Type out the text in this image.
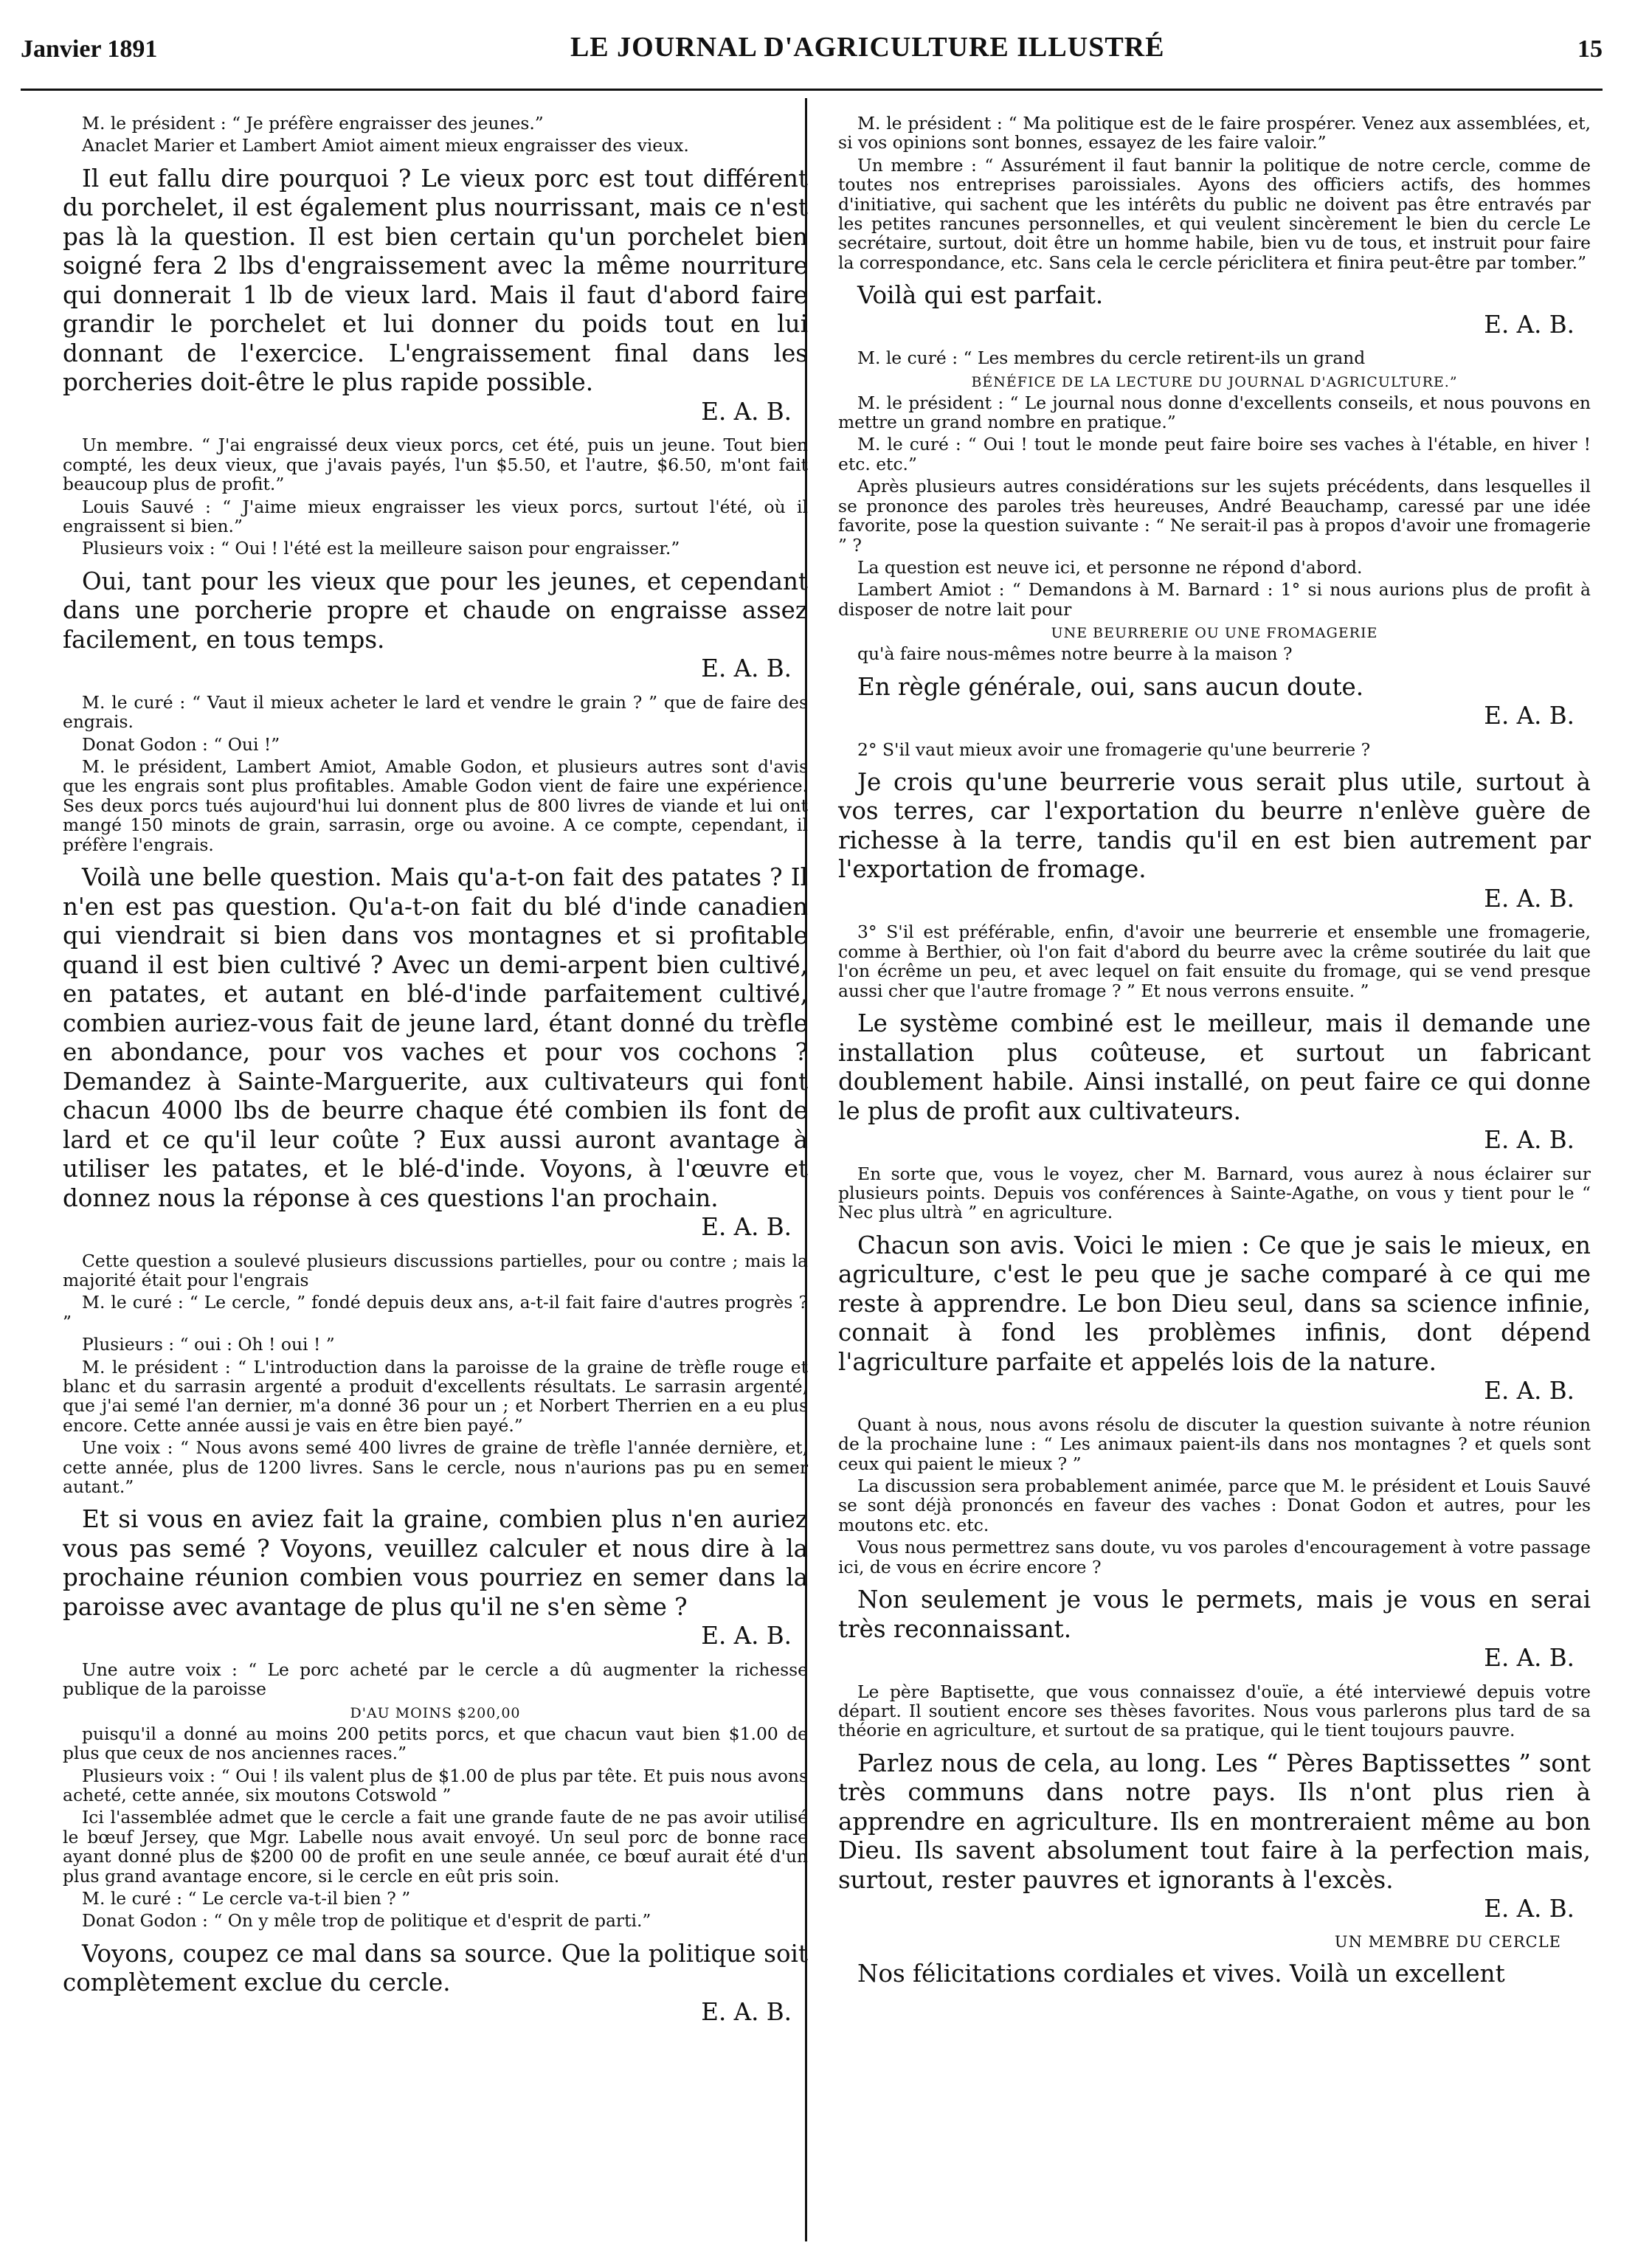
Janvier 1891	LE JOURNAL D'AGRICULTURE ILLUSTRÉ	15

M. le président : “ Je préfère engraisser des jeunes.”

Anaclet Marier et Lambert Amiot aiment mieux engraisser des vieux.

Il eut fallu dire pourquoi ? Le vieux porc est tout différent du porchelet, il est également plus nourrissant, mais ce n'est pas là la question. Il est bien certain qu'un porchelet bien soigné fera 2 lbs d'engraissement avec la même nourriture qui donnerait 1 lb de vieux lard. Mais il faut d'abord faire grandir le porchelet et lui donner du poids tout en lui donnant de l'exercice. L'engraissement final dans les porcheries doit-être le plus rapide possible.
E. A. B.

Un membre. “ J'ai engraissé deux vieux porcs, cet été, puis un jeune. Tout bien compté, les deux vieux, que j'avais payés, l'un $5.50, et l'autre, $6.50, m'ont fait beaucoup plus de profit.”

Louis Sauvé : “ J'aime mieux engraisser les vieux porcs, surtout l'été, où il engraissent si bien.”

Plusieurs voix : “ Oui ! l'été est la meilleure saison pour engraisser.”

Oui, tant pour les vieux que pour les jeunes, et cependant dans une porcherie propre et chaude on engraisse assez facilement, en tous temps.
E. A. B.

M. le curé : “ Vaut il mieux acheter le lard et vendre le grain ? ” que de faire des engrais.

Donat Godon : “ Oui !”

M. le président, Lambert Amiot, Amable Godon, et plusieurs autres sont d'avis que les engrais sont plus profitables. Amable Godon vient de faire une expérience. Ses deux porcs tués aujourd'hui lui donnent plus de 800 livres de viande et lui ont mangé 150 minots de grain, sarrasin, orge ou avoine. A ce compte, cependant, il préfère l'engrais.

Voilà une belle question. Mais qu'a-t-on fait des patates ? Il n'en est pas question. Qu'a-t-on fait du blé d'inde canadien qui viendrait si bien dans vos montagnes et si profitable quand il est bien cultivé ? Avec un demi-arpent bien cultivé, en patates, et autant en blé-d'inde parfaitement cultivé, combien auriez-vous fait de jeune lard, étant donné du trèfle en abondance, pour vos vaches et pour vos cochons ? Demandez à Sainte-Marguerite, aux cultivateurs qui font chacun 4000 lbs de beurre chaque été combien ils font de lard et ce qu'il leur coûte ? Eux aussi auront avantage à utiliser les patates, et le blé-d'inde. Voyons, à l'œuvre et donnez nous la réponse à ces questions l'an prochain.
E. A. B.

Cette question a soulevé plusieurs discussions partielles, pour ou contre ; mais la majorité était pour l'engrais

M. le curé : “ Le cercle, ” fondé depuis deux ans, a-t-il fait faire d'autres progrès ? ”

Plusieurs : “ oui : Oh ! oui ! ”

M. le président : “ L'introduction dans la paroisse de la graine de trèfle rouge et blanc et du sarrasin argenté a produit d'excellents résultats. Le sarrasin argenté, que j'ai semé l'an dernier, m'a donné 36 pour un ; et Norbert Therrien en a eu plus encore. Cette année aussi je vais en être bien payé.”

Une voix : “ Nous avons semé 400 livres de graine de trèfle l'année dernière, et, cette année, plus de 1200 livres. Sans le cercle, nous n'aurions pas pu en semer autant.”

Et si vous en aviez fait la graine, combien plus n'en auriez vous pas semé ? Voyons, veuillez calculer et nous dire à la prochaine réunion combien vous pourriez en semer dans la paroisse avec avantage de plus qu'il ne s'en sème ?
E. A. B.

Une autre voix : “ Le porc acheté par le cercle a dû augmenter la richesse publique de la paroisse

D'AU MOINS $200,00

puisqu'il a donné au moins 200 petits porcs, et que chacun vaut bien $1.00 de plus que ceux de nos anciennes races.”

Plusieurs voix : “ Oui ! ils valent plus de $1.00 de plus par tête. Et puis nous avons acheté, cette année, six moutons Cotswold ”

Ici l'assemblée admet que le cercle a fait une grande faute de ne pas avoir utilisé le bœuf Jersey, que Mgr. Labelle nous avait envoyé. Un seul porc de bonne race ayant donné plus de $200 00 de profit en une seule année, ce bœuf aurait été d'un plus grand avantage encore, si le cercle en eût pris soin.

M. le curé : “ Le cercle va-t-il bien ? ”

Donat Godon : “ On y mêle trop de politique et d'esprit de parti.”

Voyons, coupez ce mal dans sa source. Que la politique soit complètement exclue du cercle.
E. A. B.

M. le président : “ Ma politique est de le faire prospérer. Venez aux assemblées, et, si vos opinions sont bonnes, essayez de les faire valoir.”

Un membre : “ Assurément il faut bannir la politique de notre cercle, comme de toutes nos entreprises paroissiales. Ayons des officiers actifs, des hommes d'initiative, qui sachent que les intérêts du public ne doivent pas être entravés par les petites rancunes personnelles, et qui veulent sincèrement le bien du cercle Le secrétaire, surtout, doit être un homme habile, bien vu de tous, et instruit pour faire la correspondance, etc. Sans cela le cercle périclitera et finira peut-être par tomber.”

Voilà qui est parfait.
E. A. B.

M. le curé : “ Les membres du cercle retirent-ils un grand

BÉNÉFICE DE LA LECTURE DU JOURNAL D'AGRICULTURE.”

M. le président : “ Le journal nous donne d'excellents conseils, et nous pouvons en mettre un grand nombre en pratique.”

M. le curé : “ Oui ! tout le monde peut faire boire ses vaches à l'étable, en hiver ! etc. etc.”

Après plusieurs autres considérations sur les sujets précédents, dans lesquelles il se prononce des paroles très heureuses, André Beauchamp, caressé par une idée favorite, pose la question suivante : “ Ne serait-il pas à propos d'avoir une fromagerie ” ?

La question est neuve ici, et personne ne répond d'abord.

Lambert Amiot : “ Demandons à M. Barnard : 1° si nous aurions plus de profit à disposer de notre lait pour

UNE BEURRERIE OU UNE FROMAGERIE

qu'à faire nous-mêmes notre beurre à la maison ?

En règle générale, oui, sans aucun doute.
E. A. B.

2° S'il vaut mieux avoir une fromagerie qu'une beurrerie ?

Je crois qu'une beurrerie vous serait plus utile, surtout à vos terres, car l'exportation du beurre n'enlève guère de richesse à la terre, tandis qu'il en est bien autrement par l'exportation de fromage.
E. A. B.

3° S'il est préférable, enfin, d'avoir une beurrerie et ensemble une fromagerie, comme à Berthier, où l'on fait d'abord du beurre avec la crême soutirée du lait que l'on écrême un peu, et avec lequel on fait ensuite du fromage, qui se vend presque aussi cher que l'autre fromage ? ” Et nous verrons ensuite. ”

Le système combiné est le meilleur, mais il demande une installation plus coûteuse, et surtout un fabricant doublement habile. Ainsi installé, on peut faire ce qui donne le plus de profit aux cultivateurs.
E. A. B.

En sorte que, vous le voyez, cher M. Barnard, vous aurez à nous éclairer sur plusieurs points. Depuis vos conférences à Sainte-Agathe, on vous y tient pour le “ Nec plus ultrà ” en agriculture.

Chacun son avis. Voici le mien : Ce que je sais le mieux, en agriculture, c'est le peu que je sache comparé à ce qui me reste à apprendre. Le bon Dieu seul, dans sa science infinie, connait à fond les problèmes infinis, dont dépend l'agriculture parfaite et appelés lois de la nature.
E. A. B.

Quant à nous, nous avons résolu de discuter la question suivante à notre réunion de la prochaine lune : “ Les animaux paient-ils dans nos montagnes ? et quels sont ceux qui paient le mieux ? ”

La discussion sera probablement animée, parce que M. le président et Louis Sauvé se sont déjà prononcés en faveur des vaches : Donat Godon et autres, pour les moutons etc. etc.

Vous nous permettrez sans doute, vu vos paroles d'encouragement à votre passage ici, de vous en écrire encore ?

Non seulement je vous le permets, mais je vous en serai très reconnaissant.
E. A. B.

Le père Baptisette, que vous connaissez d'ouïe, a été interviewé depuis votre départ. Il soutient encore ses thèses favorites. Nous vous parlerons plus tard de sa théorie en agriculture, et surtout de sa pratique, qui le tient toujours pauvre.

Parlez nous de cela, au long. Les “ Pères Baptissettes ” sont très communs dans notre pays. Ils n'ont plus rien à apprendre en agriculture. Ils en montreraient même au bon Dieu. Ils savent absolument tout faire à la perfection mais, surtout, rester pauvres et ignorants à l'excès.
E. A. B.

UN MEMBRE DU CERCLE

Nos félicitations cordiales et vives. Voilà un excellent
